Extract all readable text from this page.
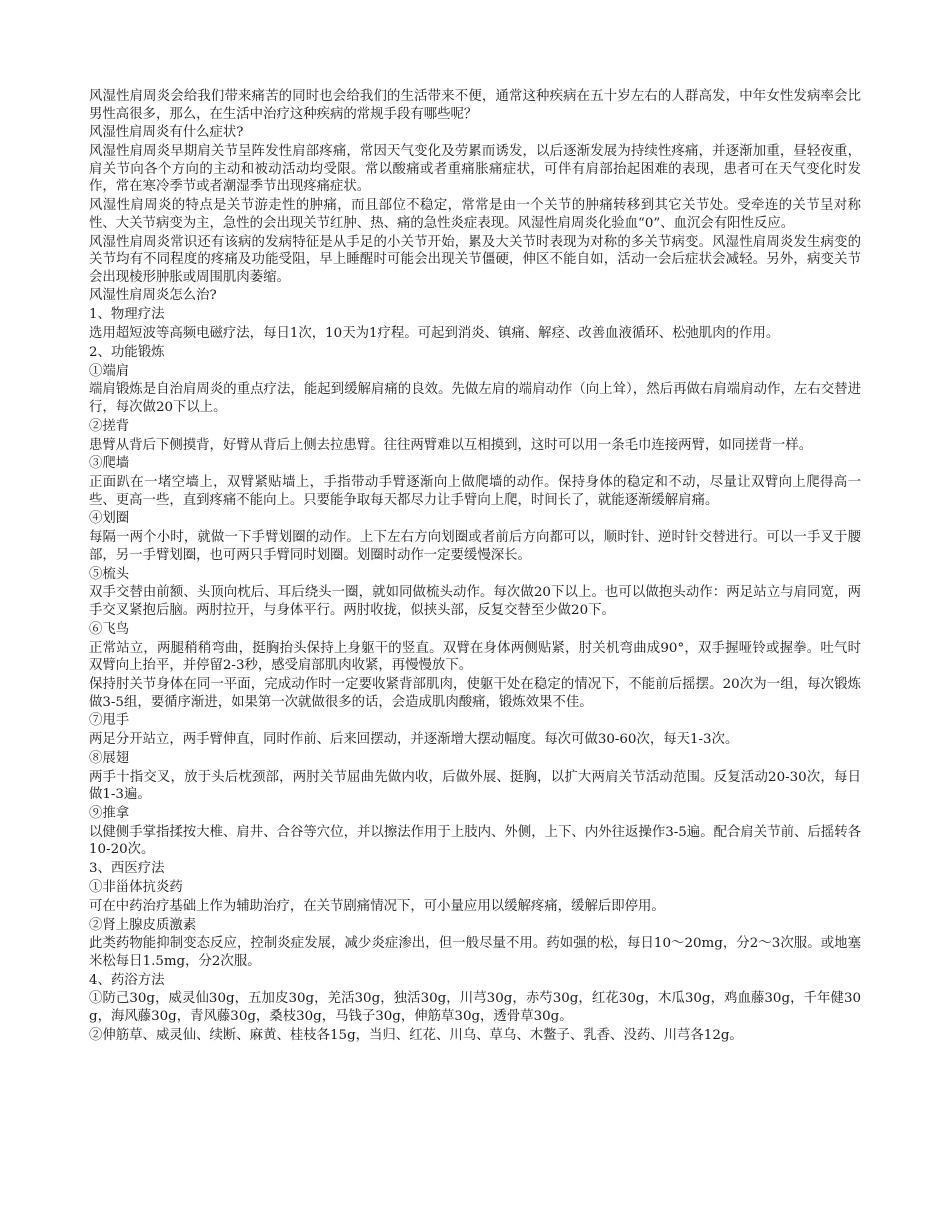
风湿性肩周炎会给我们带来痛苦的同时也会给我们的生活带来不便，通常这种疾病在五十岁左右的人群高发，中年女性发病率会比男性高很多，那么，在生活中治疗这种疾病的常规手段有哪些呢？

风湿性肩周炎有什么症状?

风湿性肩周炎早期肩关节呈阵发性肩部疼痛，常因天气变化及劳累而诱发，以后逐渐发展为持续性疼痛，并逐渐加重，昼轻夜重，肩关节向各个方向的主动和被动活动均受限。常以酸痛或者重痛胀痛症状，可伴有肩部抬起困难的表现，患者可在天气变化时发作，常在寒冷季节或者潮湿季节出现疼痛症状。

风湿性肩周炎的特点是关节游走性的肿痛，而且部位不稳定，常常是由一个关节的肿痛转移到其它关节处。受牵连的关节呈对称性、大关节病变为主，急性的会出现关节红肿、热、痛的急性炎症表现。风湿性肩周炎化验血“0”、血沉会有阳性反应。

风湿性肩周炎常识还有该病的发病特征是从手足的小关节开始，累及大关节时表现为对称的多关节病变。风湿性肩周炎发生病变的关节均有不同程度的疼痛及功能受阻，早上睡醒时可能会出现关节僵硬，伸区不能自如，活动一会后症状会减轻。另外，病变关节会出现棱形肿胀或周围肌肉萎缩。

风湿性肩周炎怎么治?

1、物理疗法

选用超短波等高频电磁疗法，每日1次，10天为1疗程。可起到消炎、镇痛、解痉、改善血液循环、松弛肌肉的作用。

2、功能锻炼

①端肩

端肩锻炼是自治肩周炎的重点疗法，能起到缓解肩痛的良效。先做左肩的端肩动作（向上耸），然后再做右肩端肩动作，左右交替进行，每次做20下以上。

②搓背

患臂从背后下侧摸背，好臂从背后上侧去拉患臂。往往两臂难以互相摸到，这时可以用一条毛巾连接两臂，如同搓背一样。

③爬墙

正面趴在一堵空墙上，双臂紧贴墙上，手指带动手臂逐渐向上做爬墙的动作。保持身体的稳定和不动，尽量让双臂向上爬得高一些、更高一些，直到疼痛不能向上。只要能争取每天都尽力让手臂向上爬，时间长了，就能逐渐缓解肩痛。

④划圈

每隔一两个小时，就做一下手臂划圈的动作。上下左右方向划圈或者前后方向都可以，顺时针、逆时针交替进行。可以一手叉于腰部，另一手臂划圈，也可两只手臂同时划圈。划圈时动作一定要缓慢深长。

⑤梳头

双手交替由前额、头顶向枕后、耳后绕头一圈，就如同做梳头动作。每次做20下以上。也可以做抱头动作：两足站立与肩同宽，两手交叉紧抱后脑。两肘拉开，与身体平行。两肘收拢，似挟头部，反复交替至少做20下。

⑥飞鸟

正常站立，两腿稍稍弯曲，挺胸抬头保持上身躯干的竖直。双臂在身体两侧贴紧，肘关机弯曲成90°，双手握哑铃或握拳。吐气时双臂向上抬平，并停留2-3秒，感受肩部肌肉收紧，再慢慢放下。

保持肘关节身体在同一平面，完成动作时一定要收紧背部肌肉，使躯干处在稳定的情况下，不能前后摇摆。20次为一组，每次锻炼做3-5组，要循序渐进，如果第一次就做很多的话，会造成肌肉酸痛，锻炼效果不佳。

⑦甩手

两足分开站立，两手臂伸直，同时作前、后来回摆动，并逐渐增大摆动幅度。每次可做30-60次，每天1-3次。

⑧展翅

两手十指交叉，放于头后枕颈部，两肘关节屈曲先做内收，后做外展、挺胸，以扩大两肩关节活动范围。反复活动20-30次，每日做1-3遍。

⑨推拿

以健侧手掌指揉按大椎、肩井、合谷等穴位，并以擦法作用于上肢内、外侧，上下、内外往返操作3-5遍。配合肩关节前、后摇转各10-20次。

3、西医疗法

①非甾体抗炎药

可在中药治疗基础上作为辅助治疗，在关节剧痛情况下，可小量应用以缓解疼痛，缓解后即停用。

②肾上腺皮质激素

此类药物能抑制变态反应，控制炎症发展，减少炎症渗出，但一般尽量不用。药如强的松，每日10～20mg，分2～3次服。或地塞米松每日1.5mg，分2次服。

4、药浴方法

①防己30g，威灵仙30g，五加皮30g，羌活30g，独活30g，川芎30g，赤芍30g，红花30g，木瓜30g，鸡血藤30g，千年健30g，海风藤30g，青风藤30g，桑枝30g，马钱子30g，伸筋草30g，透骨草30g。

②伸筋草、威灵仙、续断、麻黄、桂枝各15g，当归、红花、川乌、草乌、木鳖子、乳香、没药、川芎各12g。
